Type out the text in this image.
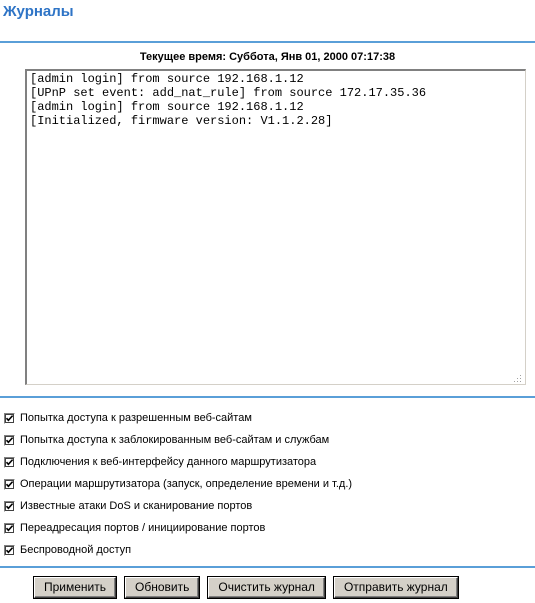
Журналы
Текущее время: Суббота, Янв 01, 2000 07:17:38
[admin login] from source 192.168.1.12
[UPnP set event: add_nat_rule] from source 172.17.35.36
[admin login] from source 192.168.1.12
[Initialized, firmware version: V1.1.2.28]
Попытка доступа к разрешенным веб-сайтам
Попытка доступа к заблокированным веб-сайтам и службам
Подключения к веб-интерфейсу данного маршрутизатора
Операции маршрутизатора (запуск, определение времени и т.д.)
Известные атаки DoS и сканирование портов
Переадресация портов / инициирование портов
Беспроводной доступ
Применить	Обновить	Очистить журнал	Отправить журнал
